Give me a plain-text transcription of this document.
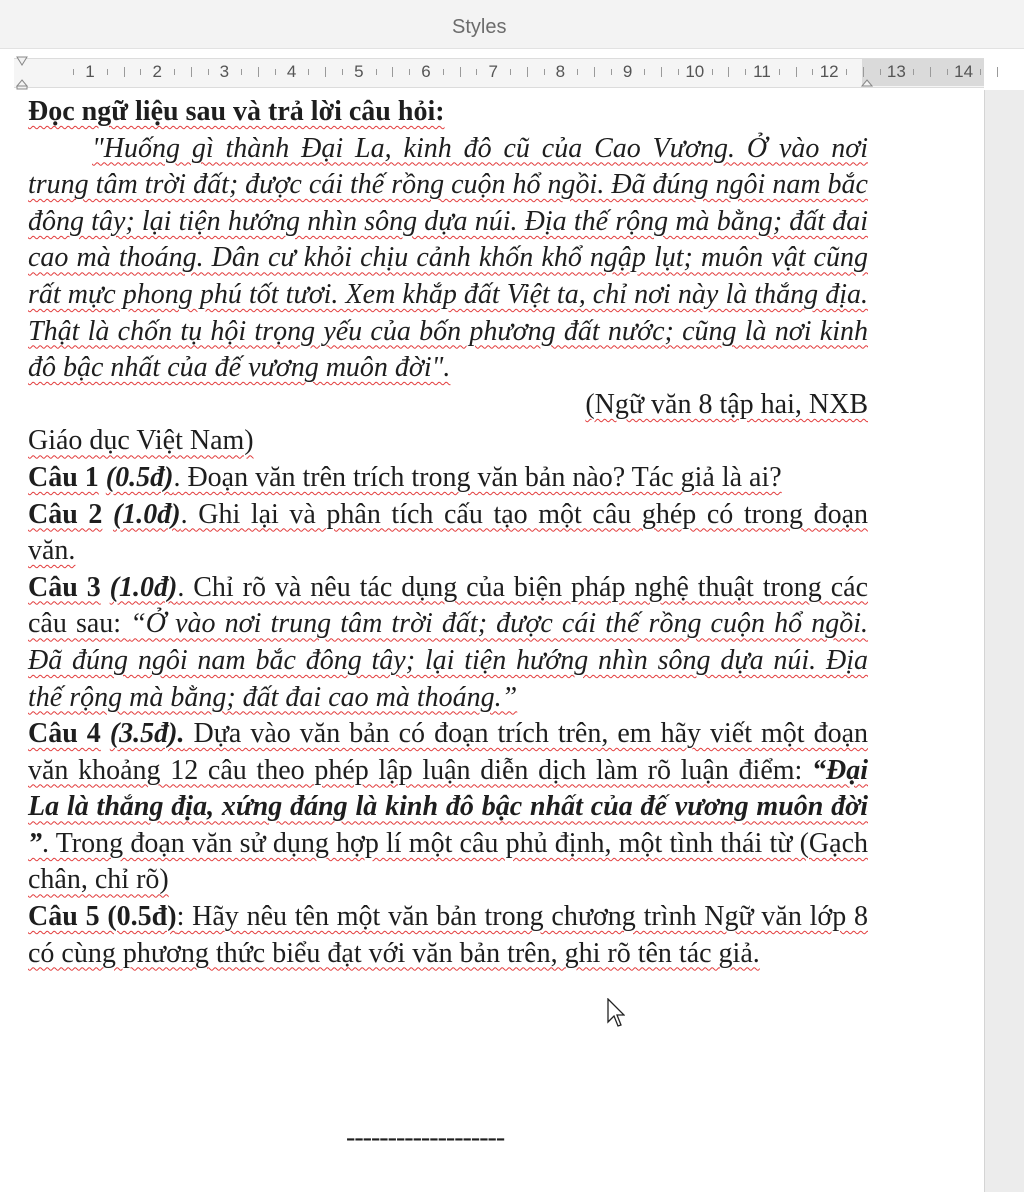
Styles
1	2	3	4	5	6	7	8	9	10	11	12	13	14

Đọc ngữ liệu sau và trả lời câu hỏi:

"Huống gì thành Đại La, kinh đô cũ của Cao Vương. Ở vào nơi trung tâm trời đất; được cái thế rồng cuộn hổ ngồi. Đã đúng ngôi nam bắc đông tây; lại tiện hướng nhìn sông dựa núi. Địa thế rộng mà bằng; đất đai cao mà thoáng. Dân cư khỏi chịu cảnh khốn khổ ngập lụt; muôn vật cũng rất mực phong phú tốt tươi. Xem khắp đất Việt ta, chỉ nơi này là thắng địa. Thật là chốn tụ hội trọng yếu của bốn phương đất nước; cũng là nơi kinh đô bậc nhất của đế vương muôn đời".

(Ngữ văn 8 tập hai, NXB

Giáo dục Việt Nam)

Câu 1 (0.5đ). Đoạn văn trên trích trong văn bản nào? Tác giả là ai?

Câu 2 (1.0đ). Ghi lại và phân tích cấu tạo một câu ghép có trong đoạn văn.

Câu 3 (1.0đ). Chỉ rõ và nêu tác dụng của biện pháp nghệ thuật trong các câu sau: “Ở vào nơi trung tâm trời đất; được cái thế rồng cuộn hổ ngồi. Đã đúng ngôi nam bắc đông tây; lại tiện hướng nhìn sông dựa núi. Địa thế rộng mà bằng; đất đai cao mà thoáng.”

Câu 4 (3.5đ). Dựa vào văn bản có đoạn trích trên, em hãy viết một đoạn văn khoảng 12 câu theo phép lập luận diễn dịch làm rõ luận điểm: “Đại La là thắng địa, xứng đáng là kinh đô bậc nhất của đế vương muôn đời ”. Trong đoạn văn sử dụng hợp lí một câu phủ định, một tình thái từ (Gạch chân, chỉ rõ)

Câu 5 (0.5đ): Hãy nêu tên một văn bản trong chương trình Ngữ văn lớp 8 có cùng phương thức biểu đạt với văn bản trên, ghi rõ tên tác giả.

-------------------
